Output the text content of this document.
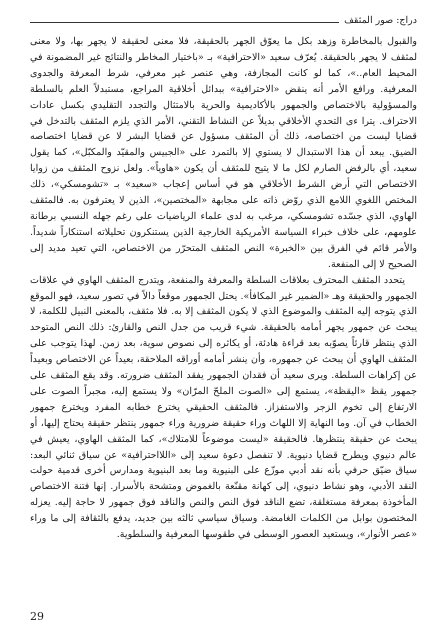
دراج: صور المثقف

والقبول بالمخاطرة وزهد بكل ما يعوّق الجهر بالحقيقة، فلا معنى لحقيقة لا يجهر بها، ولا معنى لمثقف لا يجهر بالحقيقة. يُعرّف سعيد «الاحترافية» بـ «باختيار المخاطر والنتائج غير المضمونة في المحيط العام..»، كما لو كانت المجازفة، وهي عنصر غير معرفي، شرط المعرفة والجدوى المعرفية. ورافع الأمر أنه ينقض «الاحترافية» ببدائل أخلاقية المراجع، مستبدلاً العلم بالسلطة والمسؤولية بالاختصاص والجمهور بالأكاديمية والحرية بالامتثال والتجدد التقليدي بكسل عادات الاحتراف. يترا ءى التحدي الأخلاقي بديلاً عن النشاط التقني، الأمر الذي يلزم المثقف بالتدخل في قضايا ليست من اختصاصه، ذلك أن المثقف مسؤول عن قضايا البشر لا عن قضايا اختصاصه الضيق. يبعد أن هذا الاستبدال لا يستوي إلا بالتمرد على «الجبيس والمقيّد والمكبّل»، كما يقول سعيد، أي بالرفض الصارم لكل ما لا يتيح للمثقف أن يكون «هاوياً». ولعل نزوح المثقف من زوايا الاختصاص التي أرض الشرط الأخلاقي هو في أساس إعجاب «سعيد» بـ «تشومسكي»، ذلك المختص اللغوي اللامع الذي روّض ذاته على مجابهة «المختصين»، الذين لا يعترفون به. فالمثقف الهاوي، الذي جسّده تشومسكي، مرغب به لدى علماء الرياضيات على رغم جهله النسبي برطانة علومهم، على خلاف خبراء السياسة الأمريكية الخارجية الذين يستنكرون تحليلاته استنكاراً شديداً. والأمر قائم في الفرق بين «الخبرة» النص المثقف المتحرّر من الاختصاص، التي تعيد مديد إلى الصحيح لا إلى المنفعة.

يتحدد المثقف المحترف بعلاقات السلطة والمعرفة والمنفعة، ويتدرج المثقف الهاوي في علاقات الجمهور والحقيقة وهـ «الضمير غير المكافأ». يحتل الجمهور موقعاً دالاً في تصور سعيد، فهو الموقع الذي يتوجه إليه المثقف والموضوع الذي لا يكون المثقف إلا به. فلا مثقف، بالمعنى النبيل للكلمة، لا يبحث عن جمهور يجهر أمامه بالحقيقة. شيء قريب من جدل النص والقارئ: ذلك النص المتوحد الذي ينتظر قارئاً يصوّبه بعد قراءة هادئة، أو يكاثره إلى نصوص سوية، بعد زمن. لهذا يتوجب على المثقف الهاوي أن يبحث عن جمهوره، وأن ينشر أمامه أوراقه الملاحقة، بعيداً عن الاختصاص وبعيداً عن إكراهات السلطة. ويرى سعيد أن فقدان الجمهور يفقد المثقف ضرورته. وقد يقع المثقف على جمهور يقظ «اليقظة»، يستمع إلى «الصوت الملحّ المرّان» ولا يستمع إليه، مجبراً الصوت على الارتفاع إلى تخوم الزجر والاستفزاز. فالمثقف الحقيقي يخترع خطابه المفرد ويخترع جمهور الخطاب في آن. وما النهاية إلا اللهاث وراء حقيقة ضرورية وراء جمهور ينتظر حقيقة يحتاج إليها، أو يبحث عن حقيقة ينتظرها. فالحقيقة «ليست موضوعاً للامتلاك»، كما المثقف الهاوي، يعيش في عالم دنيوي ويطرح قضايا دنيوية. لا تنفصل دعوة سعيد إلى «اللااحترافية» عن سياق ثنائي البعد: سياق ضيّق حرفي بأنه نقد أدبي موزّع على البنيوية وما بعد البنيوية ومدارس أخرى قدمية حولت النقد الأدبي، وهو نشاط دنيوي، إلى كهانة مقنّعة بالغموض ومتشحة بالأسرار. إنها فتنة الاختصاص المأخوذة بمعرفة مستغلقة، تضع الناقد فوق النص والنص والناقد فوق جمهور لا حاجة إليه. يعزله المختصون بوابل من الكلمات الغامضة. وسياق سياسي ثالثه بين جديد، يدفع بالثقافة إلى ما وراء «عصر الأنوار»، ويستعيد العصور الوسطى في طقوسها المعرفية والسلطوية.

29
